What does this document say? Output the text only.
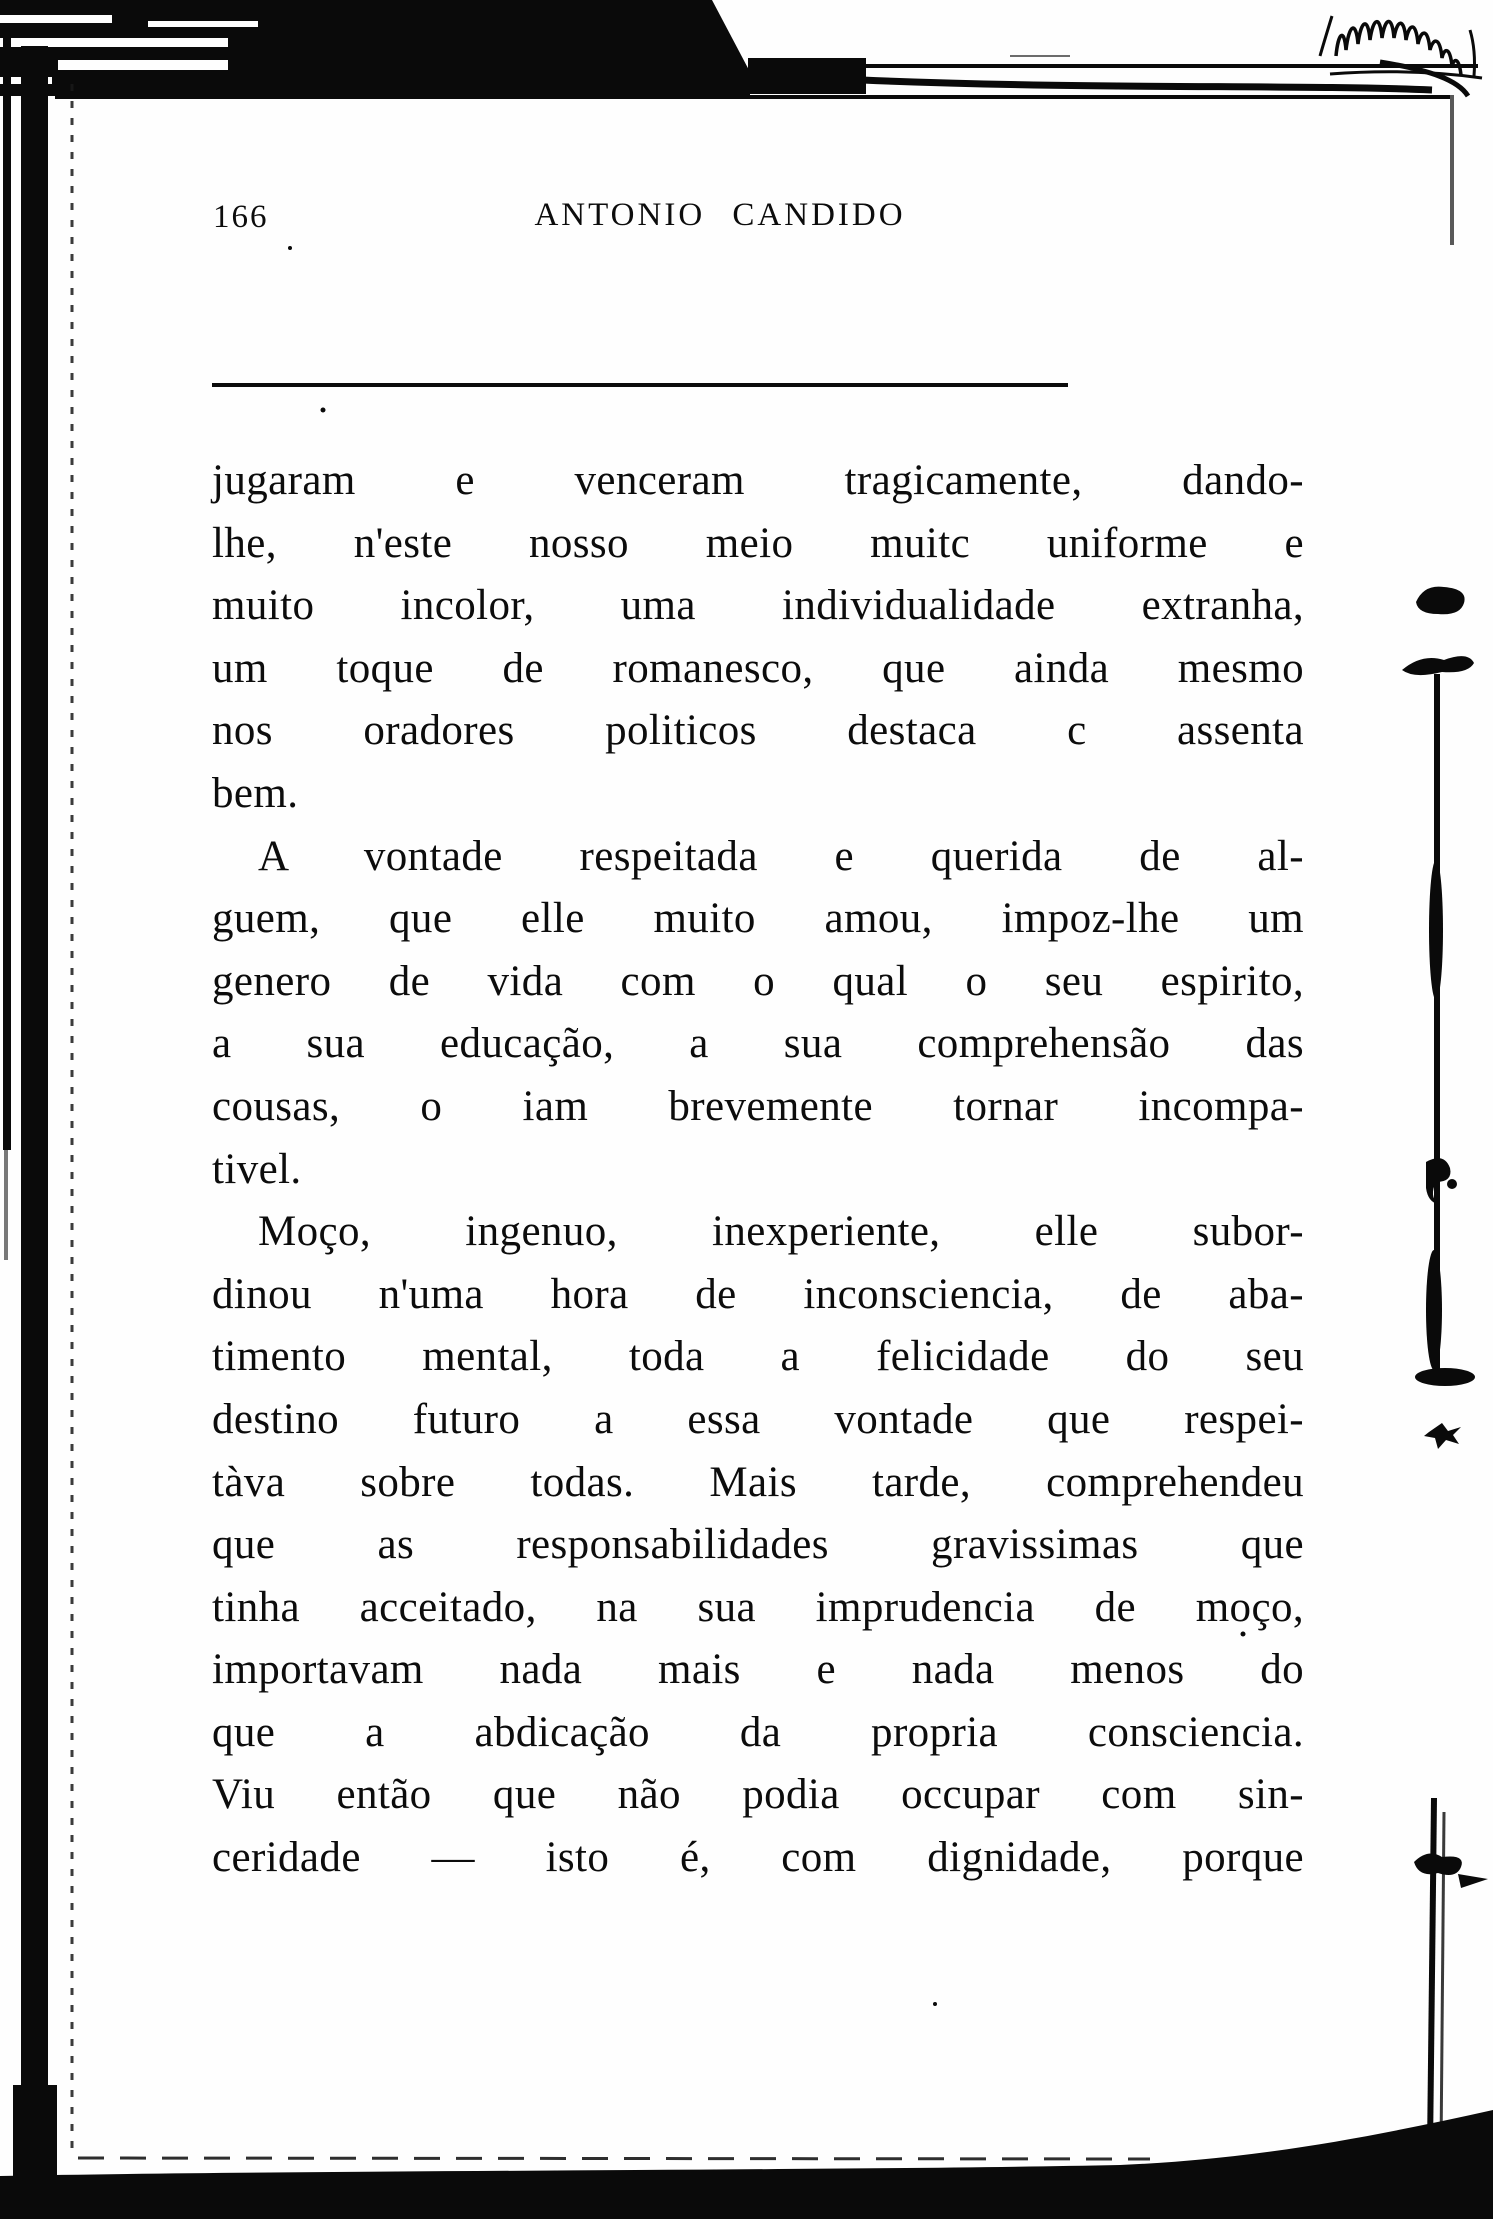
166	ANTONIO CANDIDO
jugaram e venceram tragicamente, dando-
lhe, n'este nosso meio muitc uniforme e
muito incolor, uma individualidade extranha,
um toque de romanesco, que ainda mesmo
nos oradores politicos destaca c assenta
bem.
A vontade respeitada e querida de al-
guem, que elle muito amou, impoz-lhe um
genero de vida com o qual o seu espirito,
a sua educação, a sua comprehensão das
cousas, o iam brevemente tornar incompa-
tivel.
Moço, ingenuo, inexperiente, elle subor-
dinou n'uma hora de inconsciencia, de aba-
timento mental, toda a felicidade do seu
destino futuro a essa vontade que respei-
tàva sobre todas. Mais tarde, comprehendeu
que as responsabilidades gravissimas que
tinha acceitado, na sua imprudencia de moço,
importavam nada mais e nada menos do
que a abdicação da propria consciencia.
Viu então que não podia occupar com sin-
ceridade — isto é, com dignidade, porque
